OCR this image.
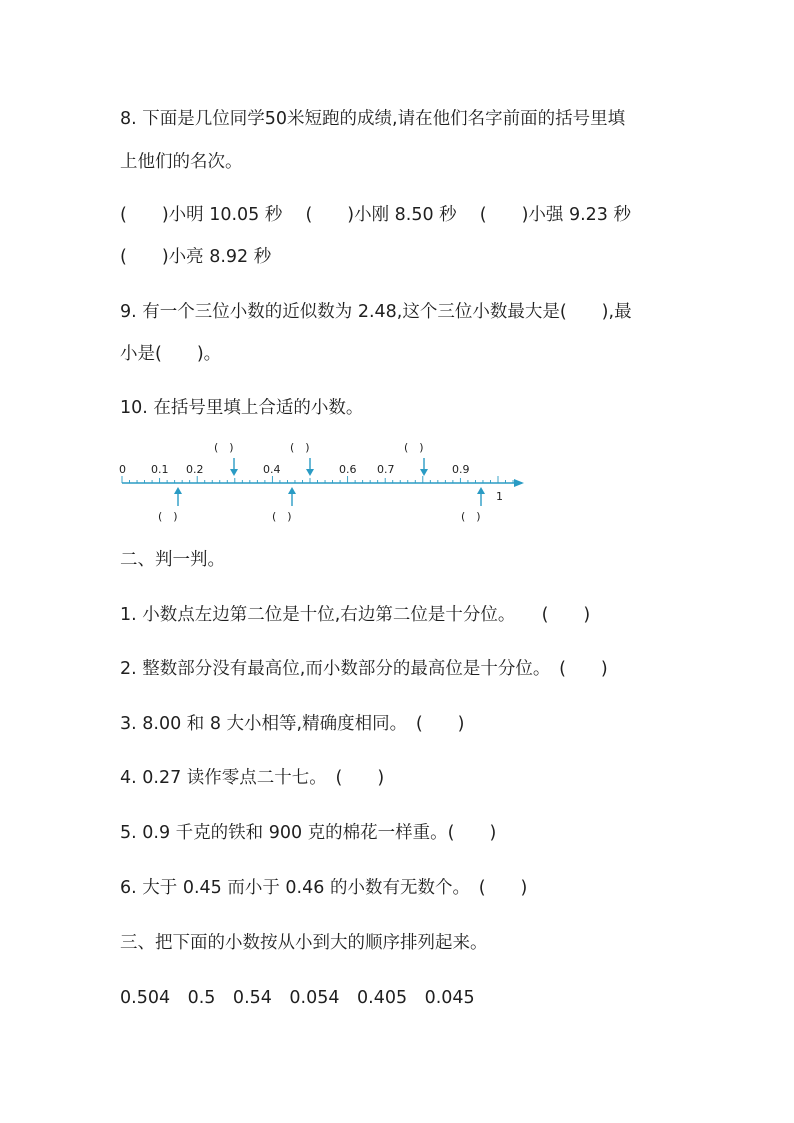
8. 下面是几位同学50米短跑的成绩,请在他们名字前面的括号里填

上他们的名次。

(　　)小明 10.05 秒　 (　　)小刚 8.50 秒　 (　　)小强 9.23 秒

(　　)小亮 8.92 秒

9. 有一个三位小数的近似数为 2.48,这个三位小数最大是(　　),最

小是(　　)。

10. 在括号里填上合适的小数。

0 0.1 0.2	0.4	0.6 0.7	0.9
1
(　)	(　)	(　)
(　)	(　)	(　)

二、判一判。

1. 小数点左边第二位是十位,右边第二位是十分位。　　(　　)

2. 整数部分没有最高位,而小数部分的最高位是十分位。　(　　)

3. 8.00 和 8 大小相等,精确度相同。　(　　)

4. 0.27 读作零点二十七。　(　　)

5. 0.9 千克的铁和 900 克的棉花一样重。(　　)

6. 大于 0.45 而小于 0.46 的小数有无数个。　(　　)

三、把下面的小数按从小到大的顺序排列起来。

0.504　0.5　0.54　0.054　0.405　0.045
